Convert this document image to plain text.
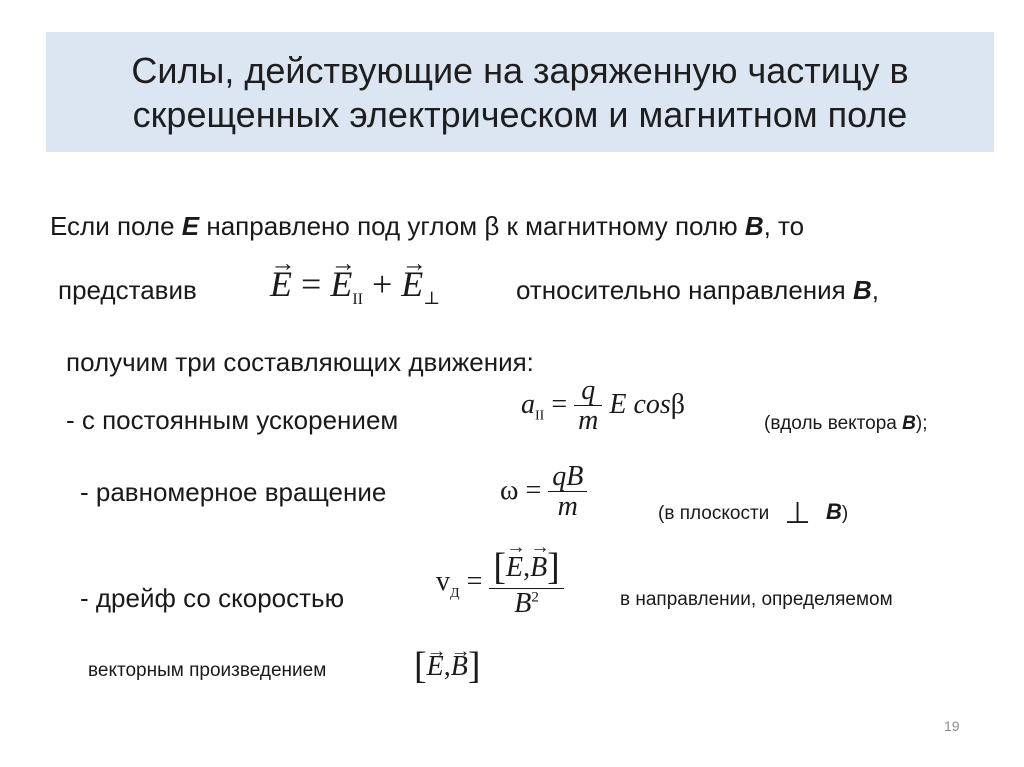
Силы, действующие на заряженную частицу в
скрещенных электрическом и магнитном поле
Если поле E направлено под углом β к магнитному полю B, то
представив → E = → $E_{II}$ + → $E_\perp$	относительно направления B,
получим три составляющих движения:
- с постоянным ускорением	$a_{II} = \frac{q}{m}$ E cosβ
(вдоль вектора B);
- равномерное вращение	$\omega = \frac{qB}{m}$	(в плоскости ⊥ B)
- дрейф со скоростью
$v_Д = \frac{[\to E,\to B]}{B^2}$	в направлении, определяемом
векторным произведением [→ E,→ B]
19
